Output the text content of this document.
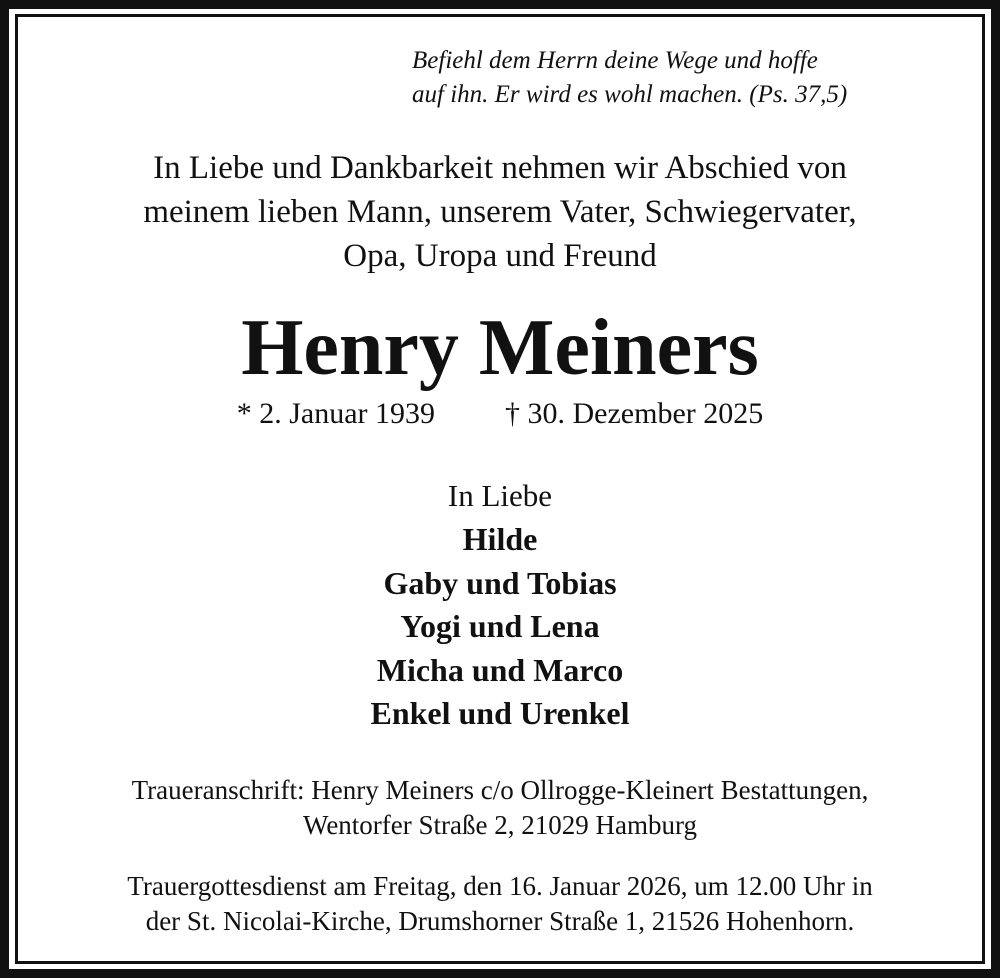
Befiehl dem Herrn deine Wege und hoffe
auf ihn. Er wird es wohl machen. (Ps. 37,5)
In Liebe und Dankbarkeit nehmen wir Abschied von
meinem lieben Mann, unserem Vater, Schwiegervater,
Opa, Uropa und Freund
Henry Meiners
* 2. Januar 1939 † 30. Dezember 2025
In Liebe
Hilde
Gaby und Tobias
Yogi und Lena
Micha und Marco
Enkel und Urenkel
Traueranschrift: Henry Meiners c/o Ollrogge-Kleinert Bestattungen,
Wentorfer Straße 2, 21029 Hamburg
Trauergottesdienst am Freitag, den 16. Januar 2026, um 12.00 Uhr in
der St. Nicolai-Kirche, Drumshorner Straße 1, 21526 Hohenhorn.
